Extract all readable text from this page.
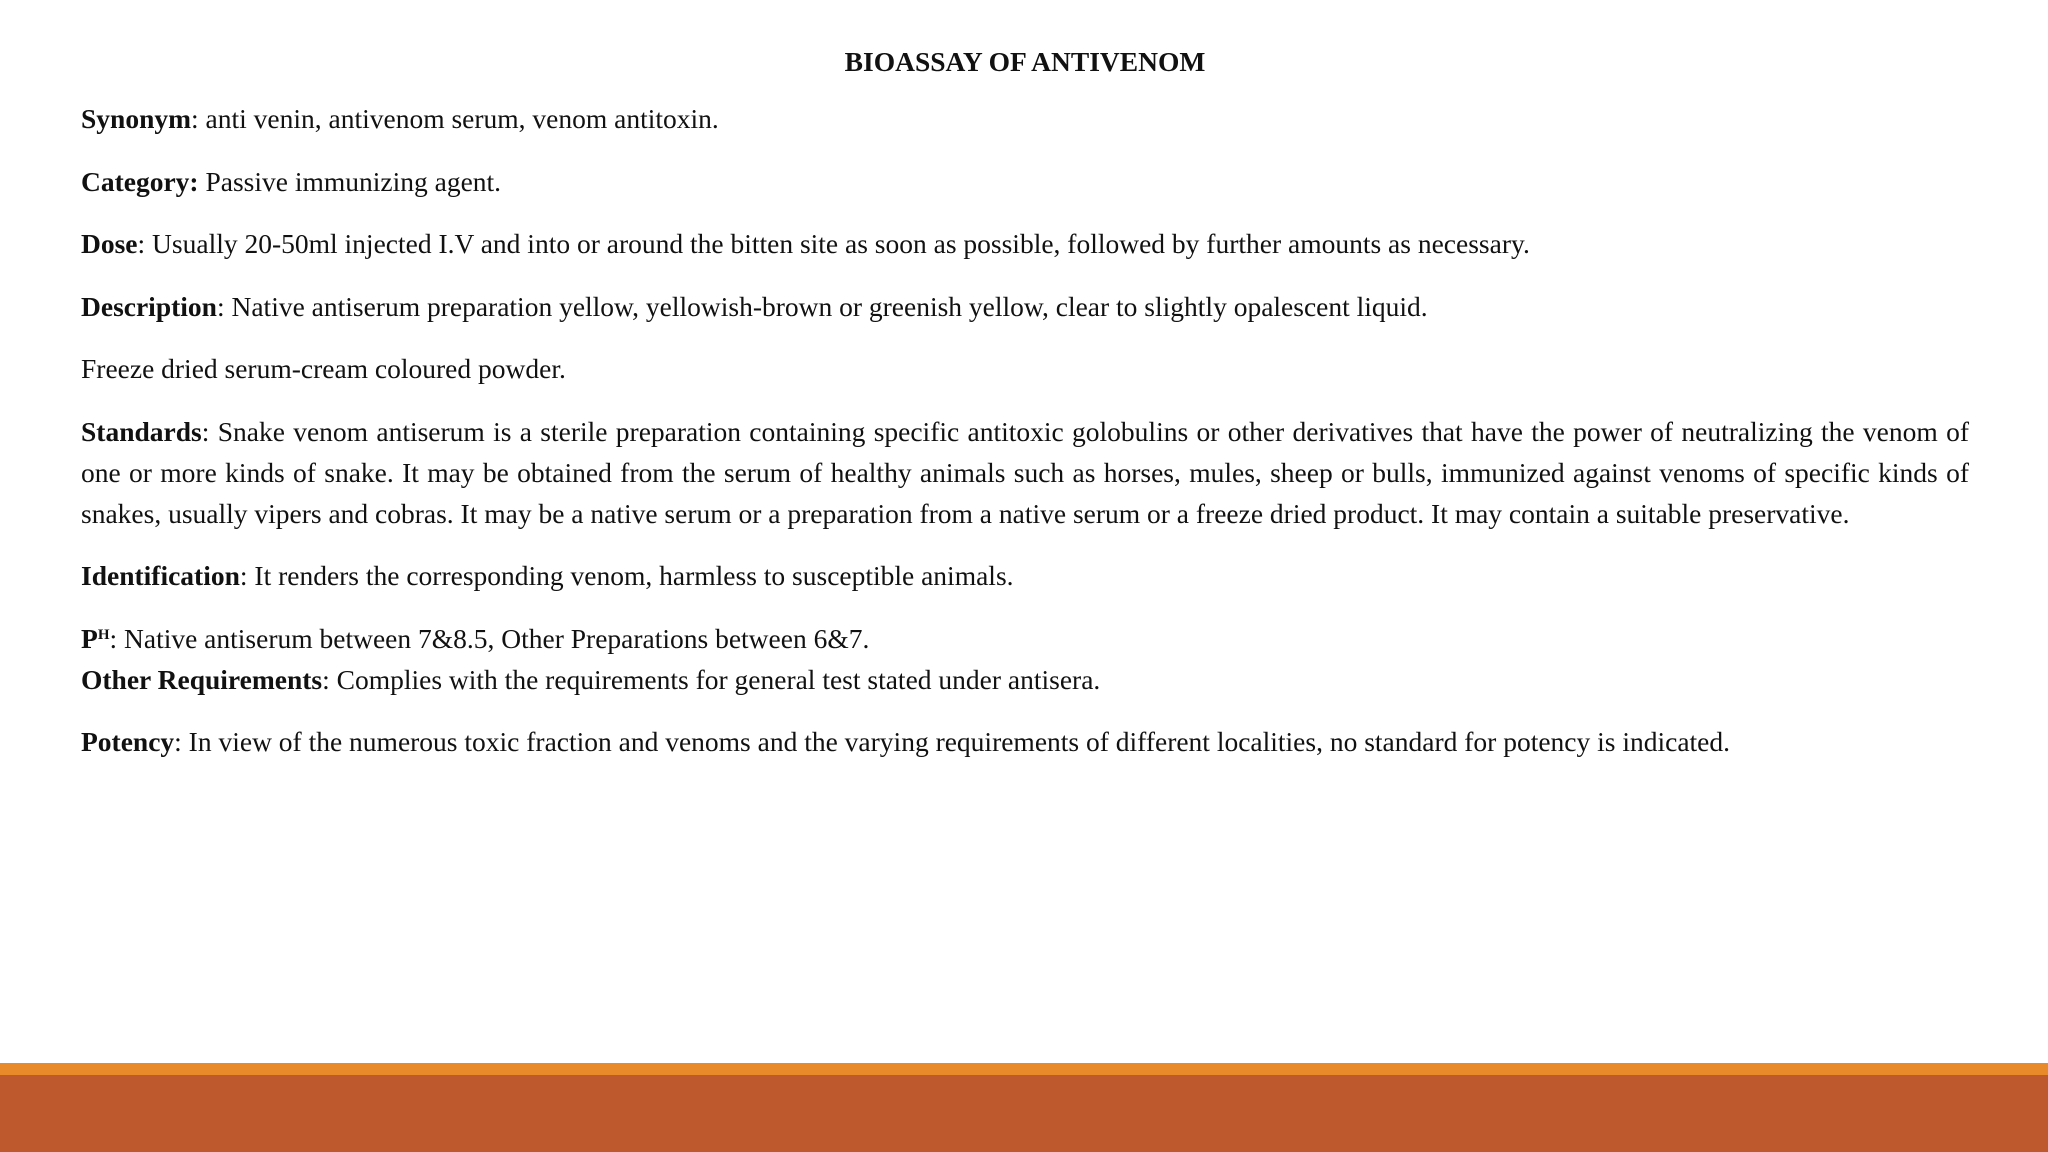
BIOASSAY OF ANTIVENOM
Synonym: anti venin, antivenom serum, venom antitoxin.
Category: Passive immunizing agent.
Dose: Usually 20-50ml injected I.V and into or around the bitten site as soon as possible, followed by further amounts as necessary.
Description: Native antiserum preparation yellow, yellowish-brown or greenish yellow, clear to slightly opalescent liquid.
Freeze dried serum-cream coloured powder.
Standards: Snake venom antiserum is a sterile preparation containing specific antitoxic golobulins or other derivatives that have the power of neutralizing the venom of one or more kinds of snake. It may be obtained from the serum of healthy animals such as horses, mules, sheep or bulls, immunized against venoms of specific kinds of snakes, usually vipers and cobras. It may be a native serum or a preparation from a native serum or a freeze dried product. It may contain a suitable preservative.
Identification: It renders the corresponding venom, harmless to susceptible animals.
$P^H$: Native antiserum between 7&8.5, Other Preparations between 6&7.
Other Requirements: Complies with the requirements for general test stated under antisera.
Potency: In view of the numerous toxic fraction and venoms and the varying requirements of different localities, no standard for potency is indicated.
